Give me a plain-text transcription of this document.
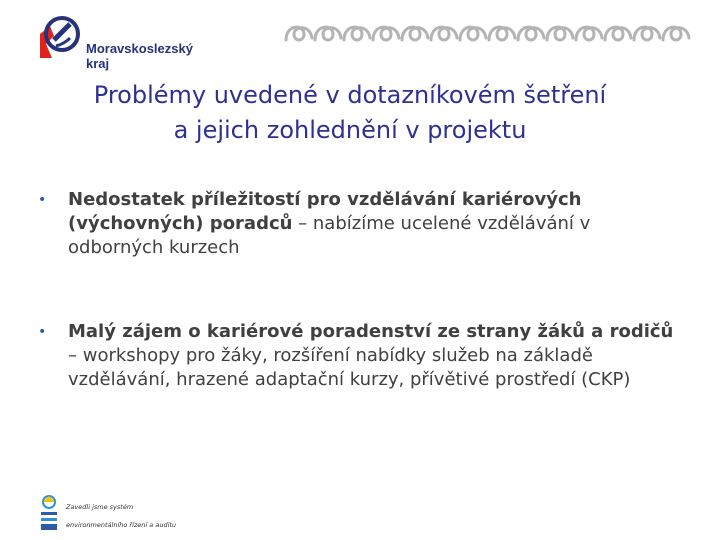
Moravskoslezský
kraj
Problémy uvedené v dotazníkovém šetření
a jejich zohlednění v projektu
• Nedostatek příležitostí pro vzdělávání kariérových (výchovných) poradců – nabízíme ucelené vzdělávání v odborných kurzech
• Malý zájem o kariérové poradenství ze strany žáků a rodičů – workshopy pro žáky, rozšíření nabídky služeb na základě vzdělávání, hrazené adaptační kurzy, přívětivé prostředí (CKP)
Zavedli jsme systém
environmentálního řízení a auditu
